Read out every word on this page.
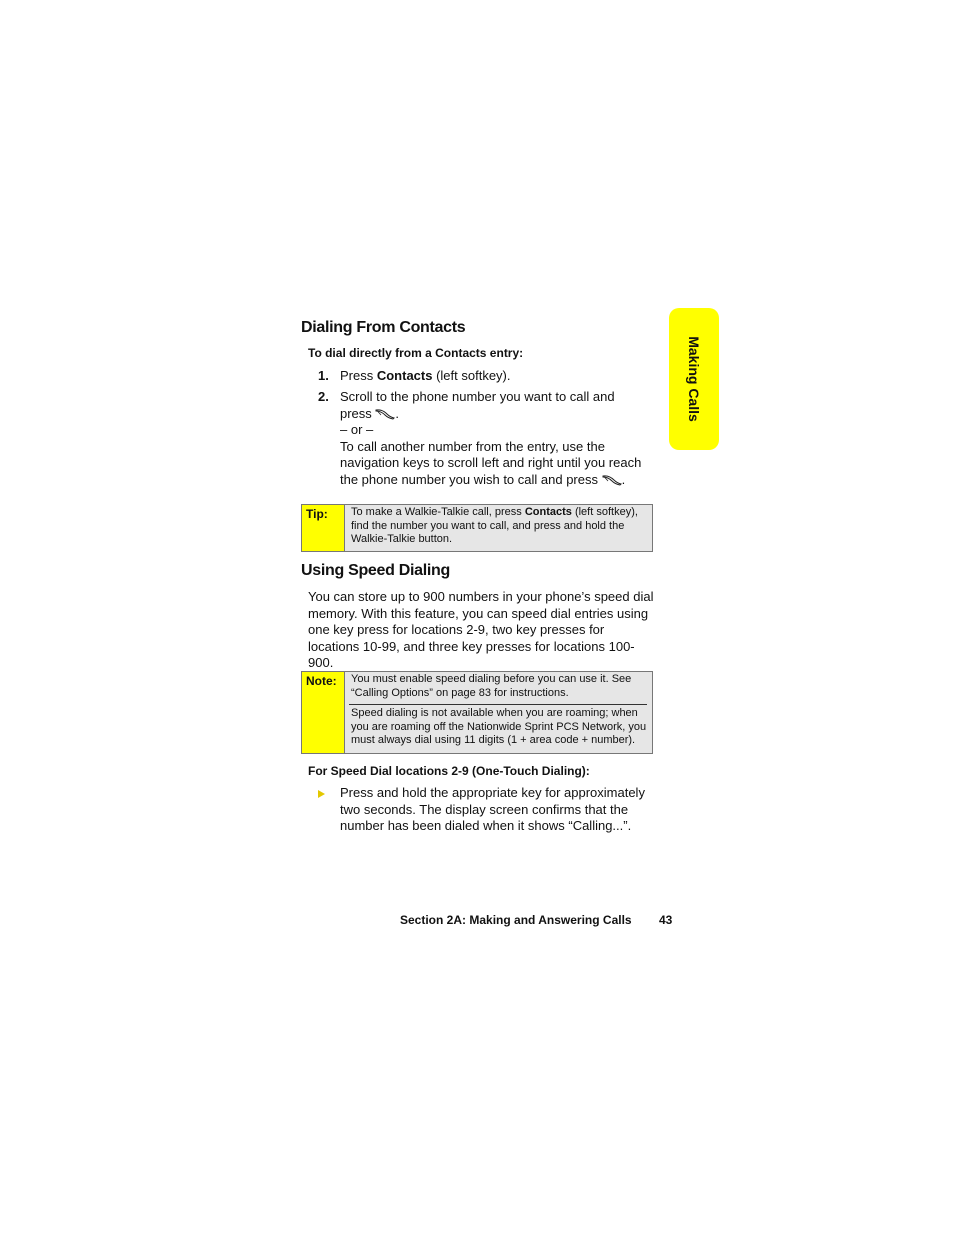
Making Calls
Dialing From Contacts
To dial directly from a Contacts entry:
1. Press Contacts (left softkey).
2. Scroll to the phone number you want to call and
press .
– or –
To call another number from the entry, use the navigation keys to scroll left and right until you reach the phone number you wish to call and press .
Tip: To make a Walkie-Talkie call, press Contacts (left softkey), find the number you want to call, and press and hold the Walkie-Talkie button.
Using Speed Dialing
You can store up to 900 numbers in your phone’s speed dial memory. With this feature, you can speed dial entries using one key press for locations 2-9, two key presses for locations 10-99, and three key presses for locations 100-900.
Note: You must enable speed dialing before you can use it. See “Calling Options” on page 83 for instructions.
Speed dialing is not available when you are roaming; when you are roaming off the Nationwide Sprint PCS Network, you must always dial using 11 digits (1 + area code + number).
For Speed Dial locations 2-9 (One-Touch Dialing):
Press and hold the appropriate key for approximately two seconds. The display screen confirms that the number has been dialed when it shows “Calling...”.
Section 2A: Making and Answering Calls 43
